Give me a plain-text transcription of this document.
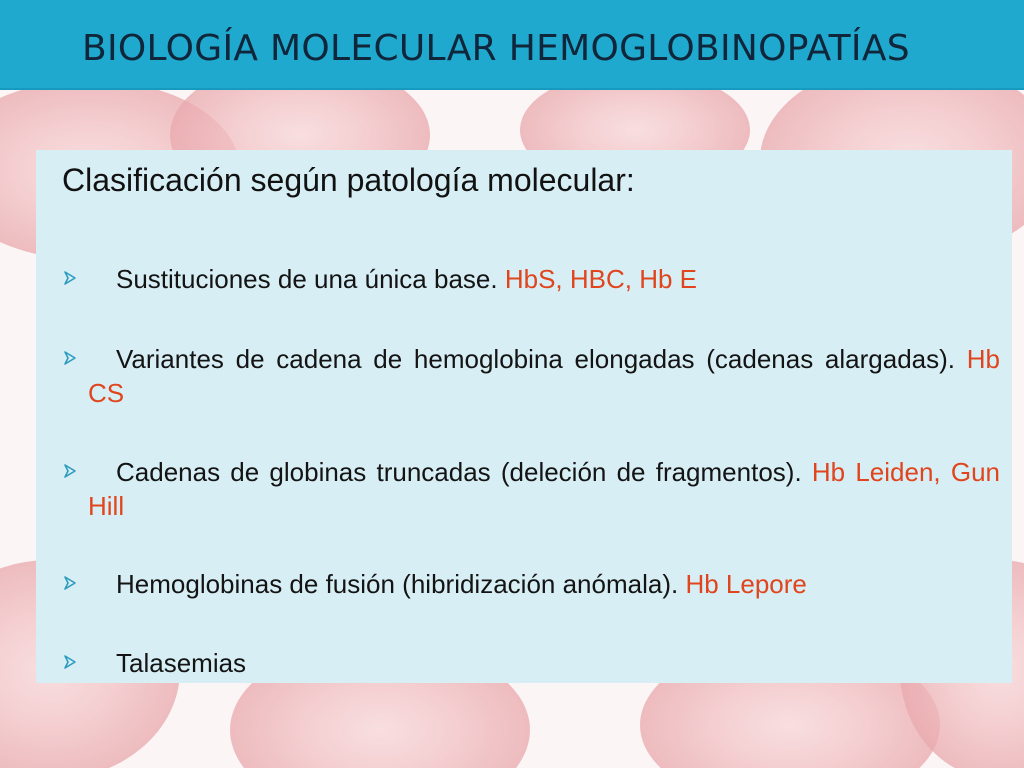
BIOLOGÍA MOLECULAR HEMOGLOBINOPATÍAS
Clasificación según patología molecular:
Sustituciones de una única base. HbS, HBC, Hb E
Variantes de cadena de hemoglobina elongadas (cadenas alargadas). Hb CS
Cadenas de globinas truncadas (deleción de fragmentos). Hb Leiden, Gun Hill
Hemoglobinas de fusión (hibridización anómala). Hb Lepore
Talasemias
